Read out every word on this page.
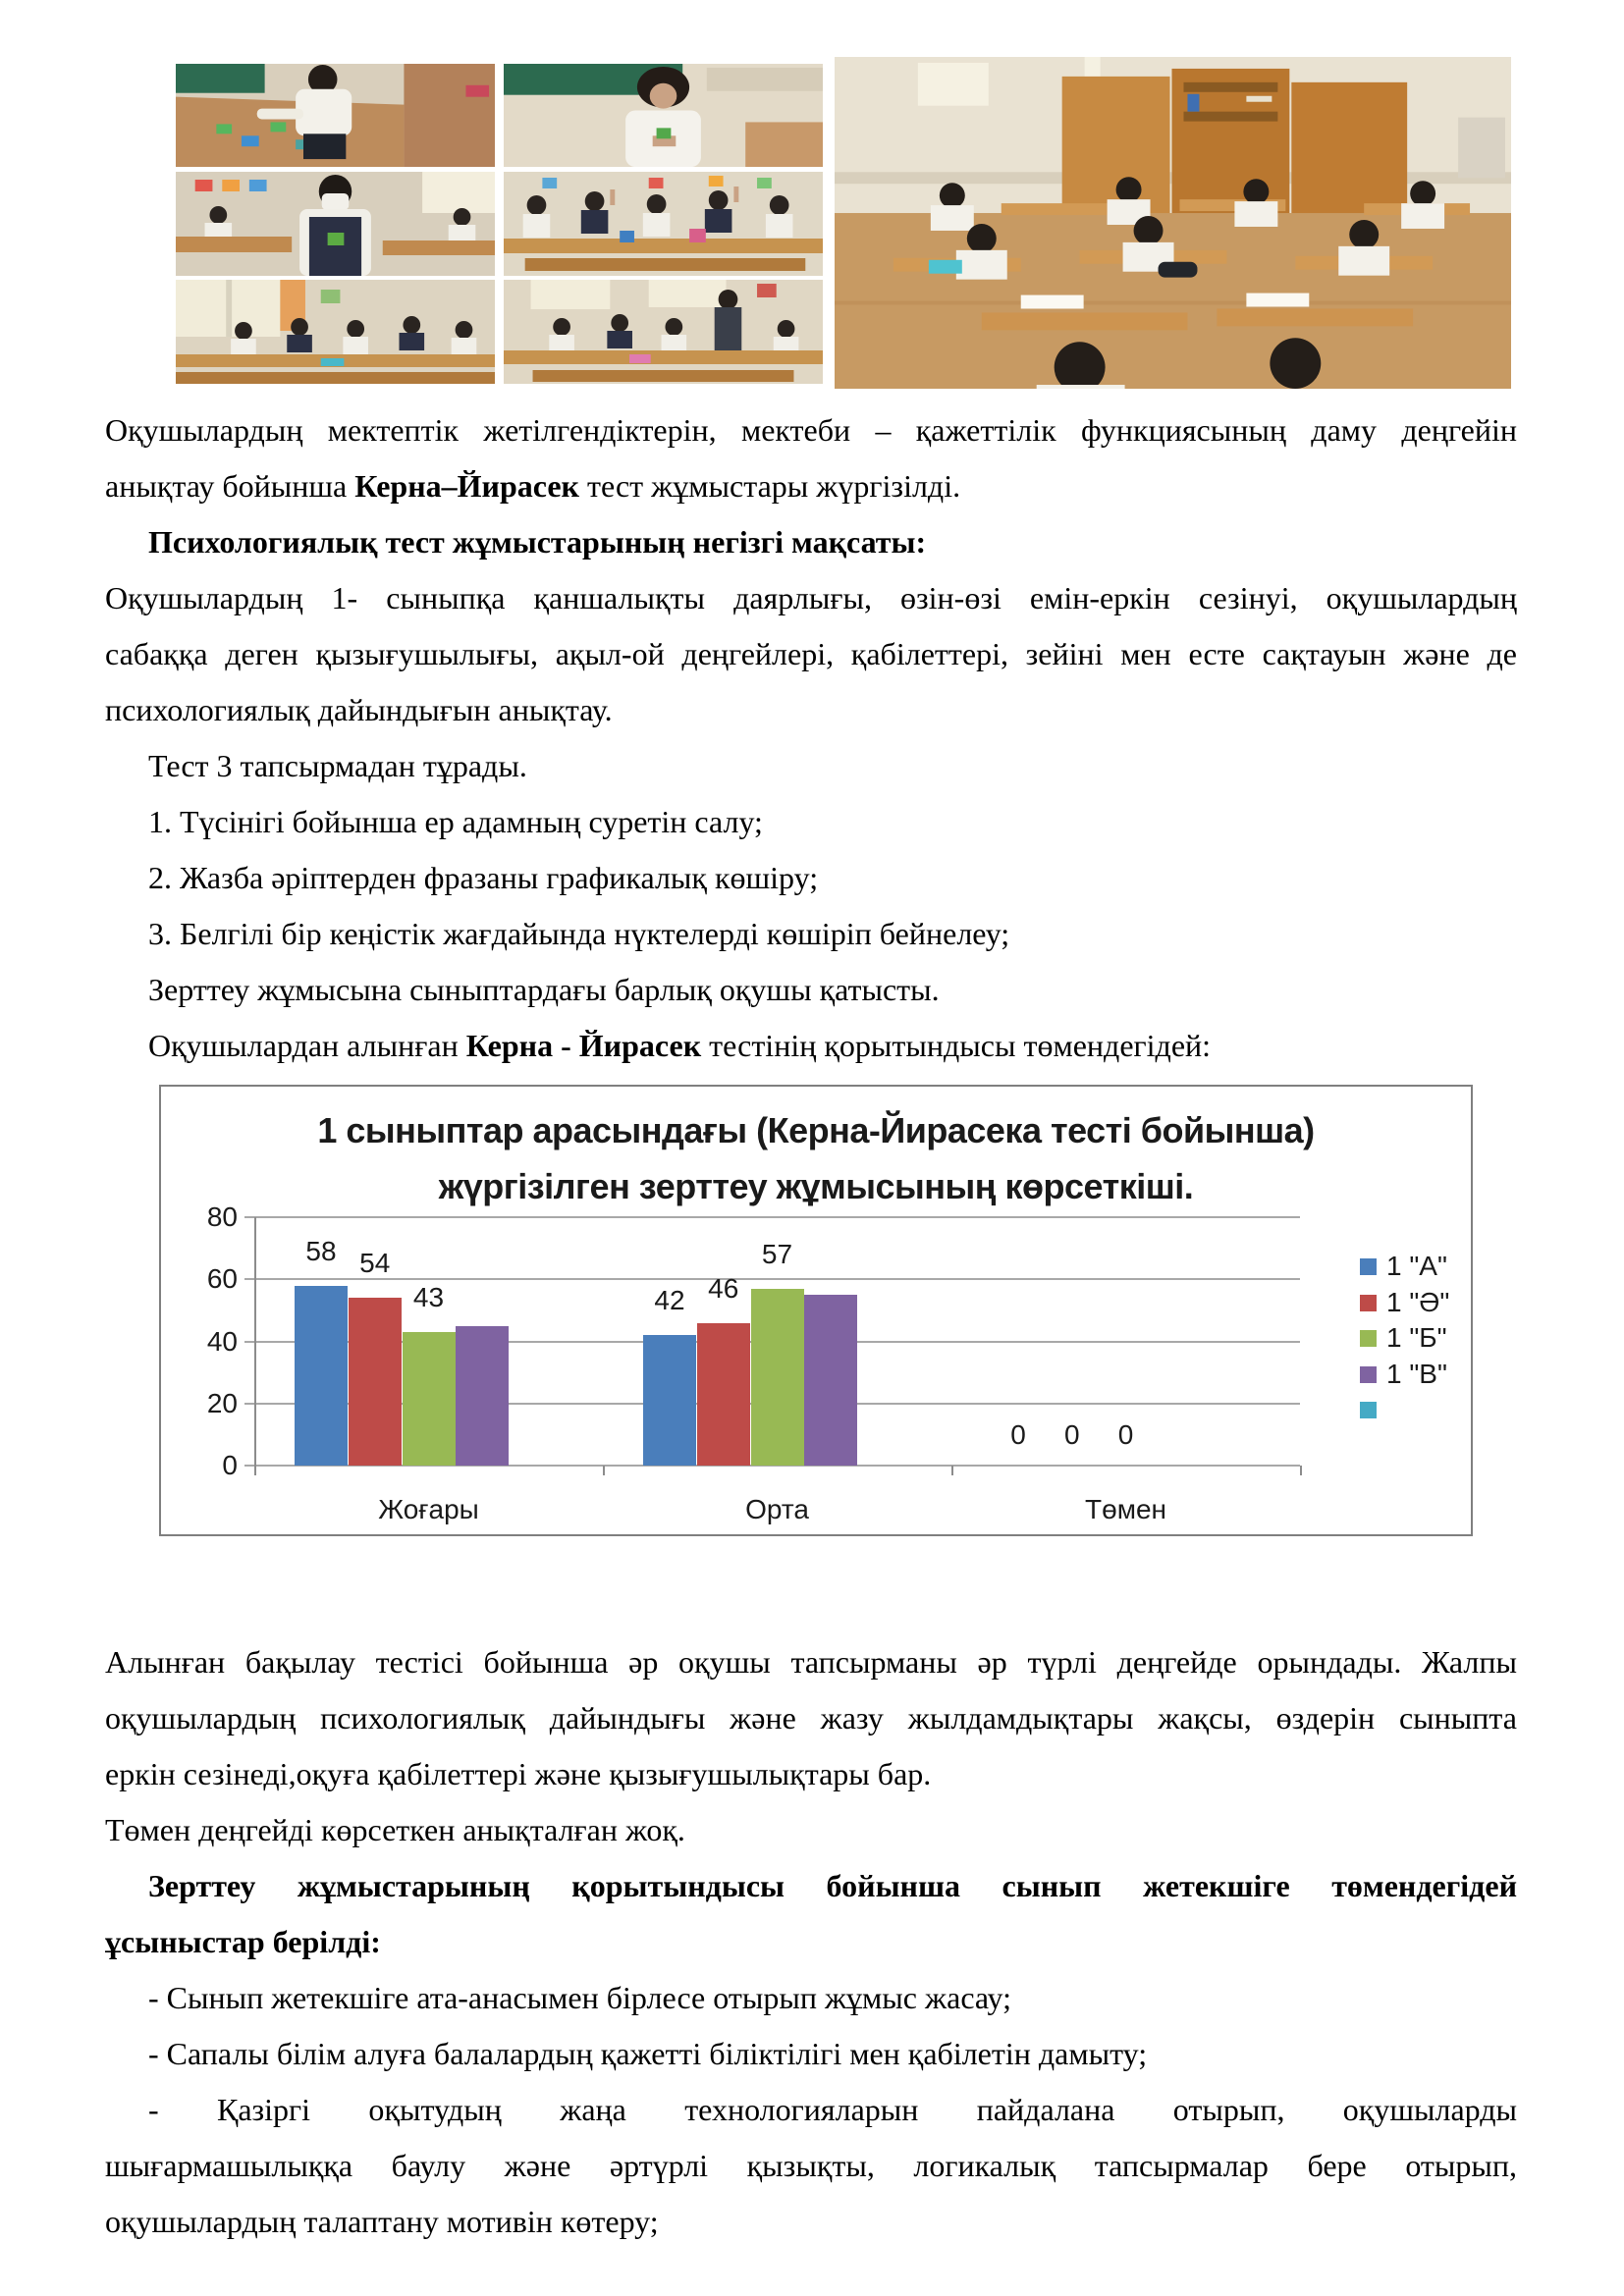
Оқушылардың мектептік жетілгендіктерін, мектеби – қажеттілік функциясының даму деңгейін
анықтау бойынша Керна–Йирасек тест жұмыстары жүргізілді.
Психологиялық тест жұмыстарының негізгі мақсаты:
Оқушылардың 1- сыныпқа қаншалықты даярлығы, өзін-өзі емін-еркін сезінуі, оқушылардың
сабаққа деген қызығушылығы, ақыл-ой деңгейлері, қабілеттері, зейіні мен есте сақтауын және де
психологиялық дайындығын анықтау.
Тест 3 тапсырмадан тұрады.
1. Түсінігі бойынша ер адамның суретін салу;
2. Жазба әріптерден фразаны графикалық көшіру;
3. Белгілі бір кеңістік жағдайында нүктелерді көшіріп бейнелеу;
Зерттеу жұмысына сыныптардағы барлық оқушы қатысты.
Оқушылардан алынған Керна - Йирасек тестінің қорытындысы төмендегідей:
1 сыныптар арасындағы (Керна-Йирасека тесті бойынша)
жүргізілген зерттеу жұмысының көрсеткіші.
0
20
40
60
80
58
42
0
54
46
0
43
57
0
Жоғары	Орта	Төмен
1 "А"
1 "Ә"
1 "Б"
1 "В"
Алынған бақылау тестісі бойынша әр оқушы тапсырманы әр түрлі деңгейде орындады. Жалпы
оқушылардың психологиялық дайындығы және жазу жылдамдықтары жақсы, өздерін сыныпта
еркін сезінеді,оқуға қабілеттері және қызығушылықтары бар.
Төмен деңгейді көрсеткен анықталған жоқ.
Зерттеу жұмыстарының қорытындысы бойынша сынып жетекшіге төмендегідей
ұсыныстар берілді:
- Сынып жетекшіге ата-анасымен бірлесе отырып жұмыс жасау;
- Сапалы білім алуға балалардың қажетті біліктілігі мен қабілетін дамыту;
- Қазіргі оқытудың жаңа технологияларын пайдалана отырып, оқушыларды
шығармашылыққа баулу және әртүрлі қызықты, логикалық тапсырмалар бере отырып,
оқушылардың талаптану мотивін көтеру;
